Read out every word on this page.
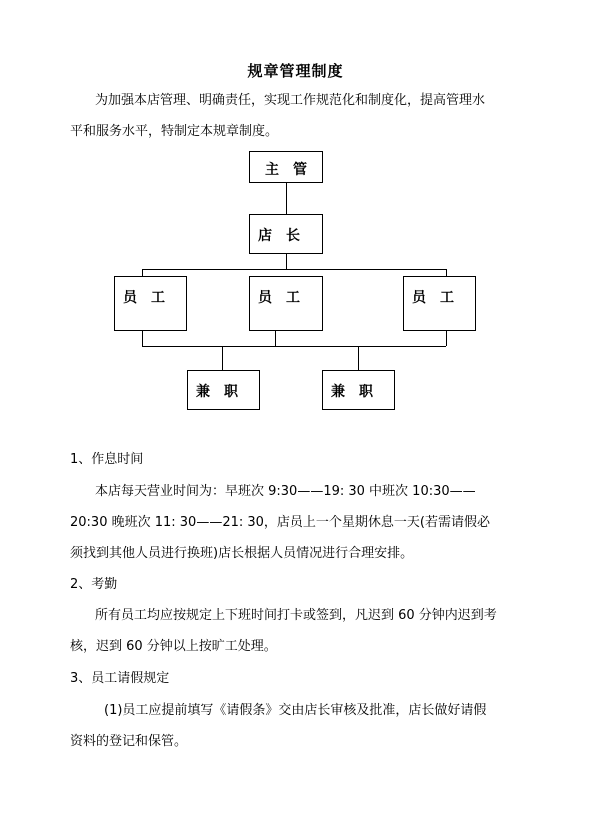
规章管理制度
为加强本店管理、明确责任，实现工作规范化和制度化，提高管理水
平和服务水平，特制定本规章制度。
主管
店长
员工	员工	员工
兼职	兼职
1、作息时间
本店每天营业时间为：早班次 9:30——19: 30 中班次 10:30——
20:30 晚班次 11: 30——21: 30，店员上一个星期休息一天(若需请假必
须找到其他人员进行换班)店长根据人员情况进行合理安排。
2、考勤
所有员工均应按规定上下班时间打卡或签到，凡迟到 60 分钟内迟到考
核，迟到 60 分钟以上按旷工处理。
3、员工请假规定
(1)员工应提前填写《请假条》交由店长审核及批准，店长做好请假
资料的登记和保管。
